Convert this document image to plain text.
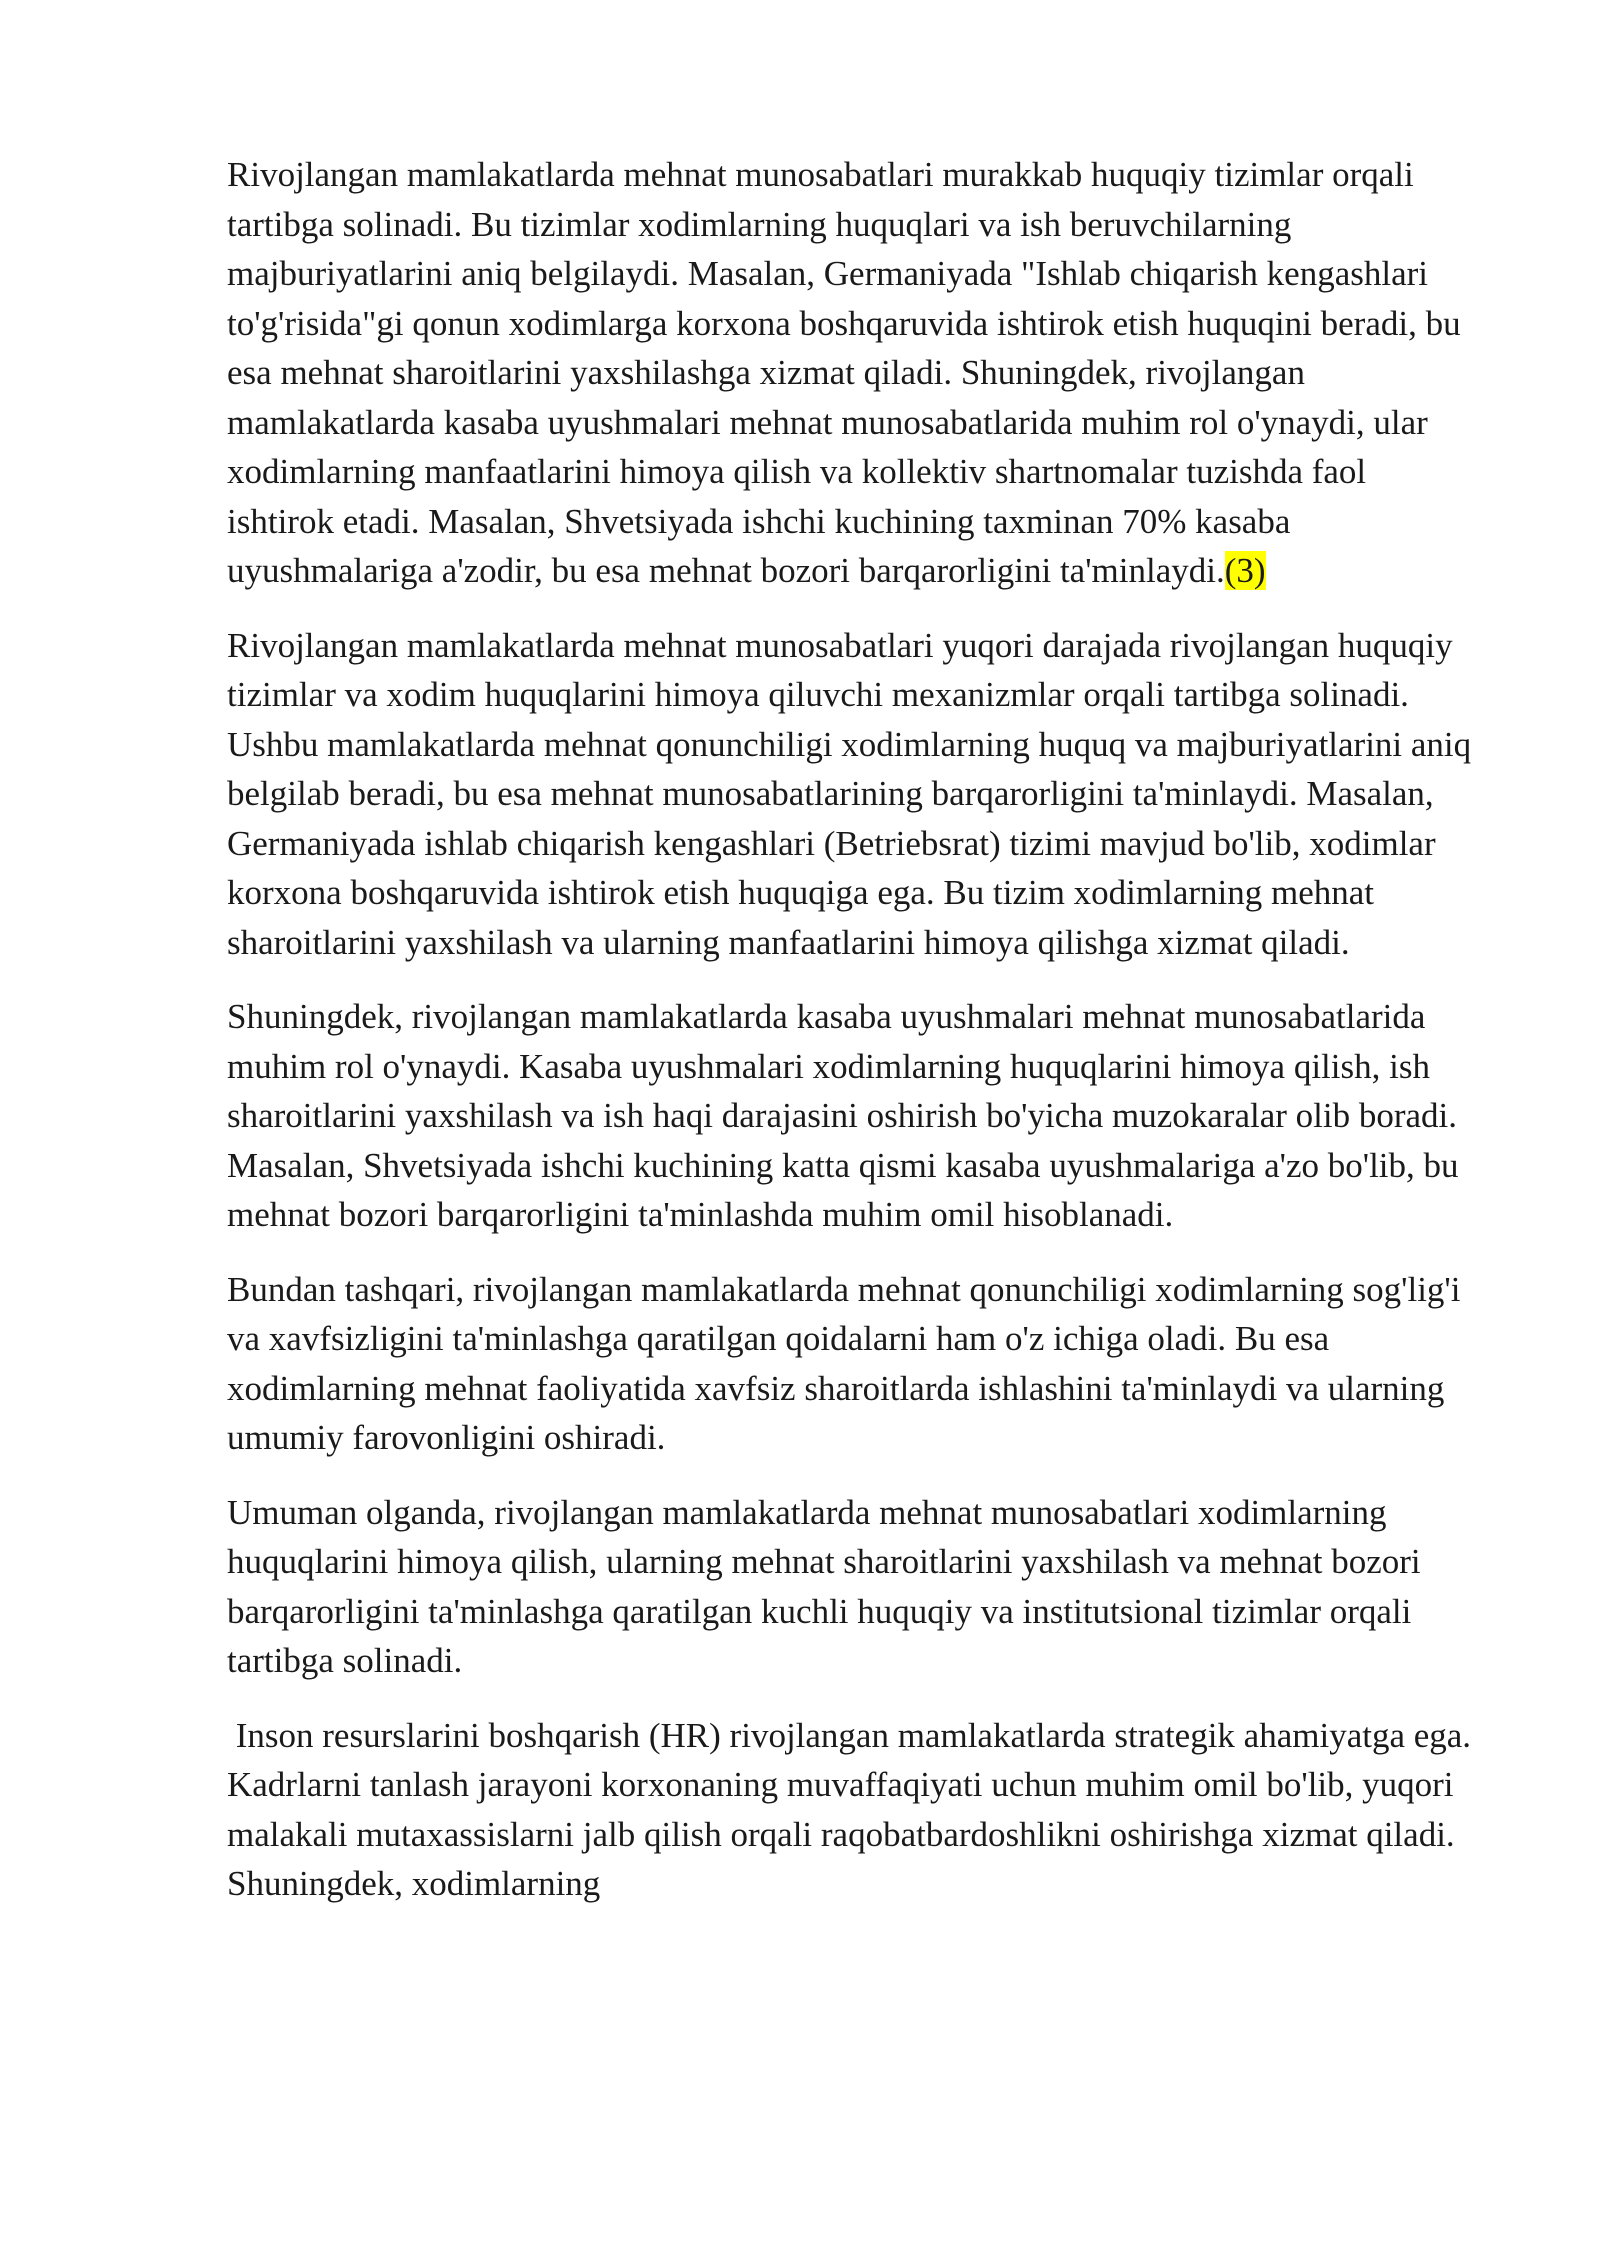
Rivojlangan mamlakatlarda mehnat munosabatlari murakkab huquqiy tizimlar orqali tartibga solinadi. Bu tizimlar xodimlarning huquqlari va ish beruvchilarning majburiyatlarini aniq belgilaydi. Masalan, Germaniyada "Ishlab chiqarish kengashlari to'g'risida"gi qonun xodimlarga korxona boshqaruvida ishtirok etish huquqini beradi, bu esa mehnat sharoitlarini yaxshilashga xizmat qiladi. Shuningdek, rivojlangan mamlakatlarda kasaba uyushmalari mehnat munosabatlarida muhim rol o'ynaydi, ular xodimlarning manfaatlarini himoya qilish va kollektiv shartnomalar tuzishda faol ishtirok etadi. Masalan, Shvetsiyada ishchi kuchining taxminan 70% kasaba uyushmalariga a'zodir, bu esa mehnat bozori barqarorligini ta'minlaydi.(3)

Rivojlangan mamlakatlarda mehnat munosabatlari yuqori darajada rivojlangan huquqiy tizimlar va xodim huquqlarini himoya qiluvchi mexanizmlar orqali tartibga solinadi. Ushbu mamlakatlarda mehnat qonunchiligi xodimlarning huquq va majburiyatlarini aniq belgilab beradi, bu esa mehnat munosabatlarining barqarorligini ta'minlaydi. Masalan, Germaniyada ishlab chiqarish kengashlari (Betriebsrat) tizimi mavjud bo'lib, xodimlar korxona boshqaruvida ishtirok etish huquqiga ega. Bu tizim xodimlarning mehnat sharoitlarini yaxshilash va ularning manfaatlarini himoya qilishga xizmat qiladi.

Shuningdek, rivojlangan mamlakatlarda kasaba uyushmalari mehnat munosabatlarida muhim rol o'ynaydi. Kasaba uyushmalari xodimlarning huquqlarini himoya qilish, ish sharoitlarini yaxshilash va ish haqi darajasini oshirish bo'yicha muzokaralar olib boradi. Masalan, Shvetsiyada ishchi kuchining katta qismi kasaba uyushmalariga a'zo bo'lib, bu mehnat bozori barqarorligini ta'minlashda muhim omil hisoblanadi.

Bundan tashqari, rivojlangan mamlakatlarda mehnat qonunchiligi xodimlarning sog'lig'i va xavfsizligini ta'minlashga qaratilgan qoidalarni ham o'z ichiga oladi. Bu esa xodimlarning mehnat faoliyatida xavfsiz sharoitlarda ishlashini ta'minlaydi va ularning umumiy farovonligini oshiradi.

Umuman olganda, rivojlangan mamlakatlarda mehnat munosabatlari xodimlarning huquqlarini himoya qilish, ularning mehnat sharoitlarini yaxshilash va mehnat bozori barqarorligini ta'minlashga qaratilgan kuchli huquqiy va institutsional tizimlar orqali tartibga solinadi.

Inson resurslarini boshqarish (HR) rivojlangan mamlakatlarda strategik ahamiyatga ega. Kadrlarni tanlash jarayoni korxonaning muvaffaqiyati uchun muhim omil bo'lib, yuqori malakali mutaxassislarni jalb qilish orqali raqobatbardoshlikni oshirishga xizmat qiladi. Shuningdek, xodimlarning
